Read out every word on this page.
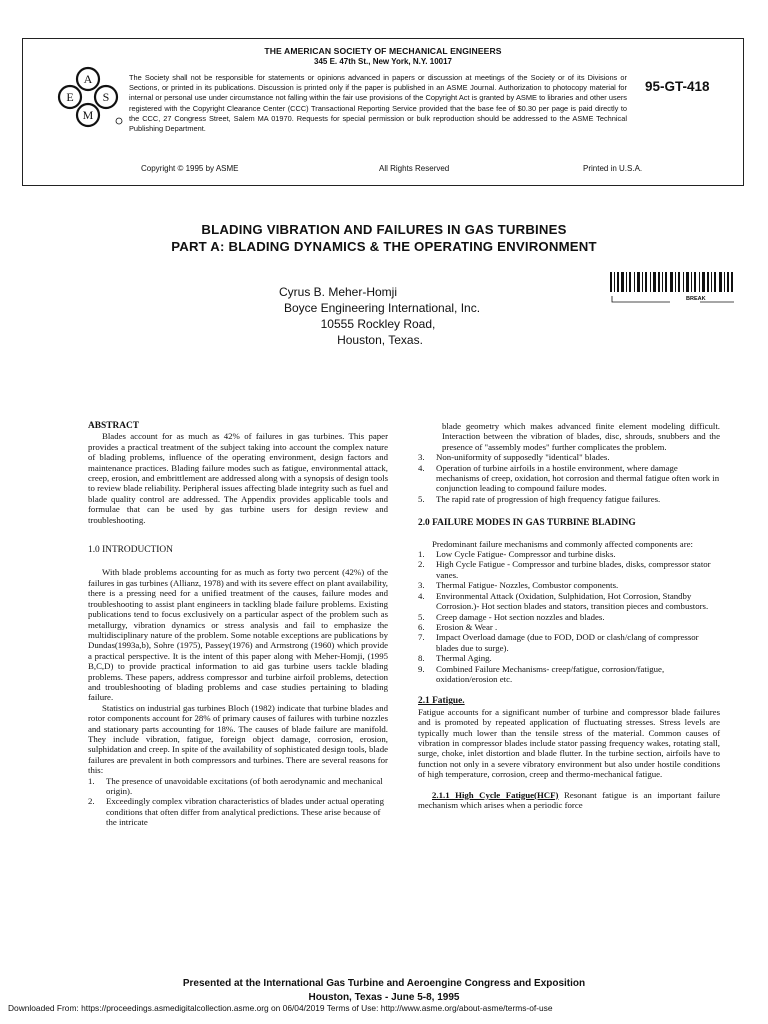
THE AMERICAN SOCIETY OF MECHANICAL ENGINEERS
345 E. 47th St., New York, N.Y. 10017
A
E S
M
The Society shall not be responsible for statements or opinions advanced in papers or discussion at meetings of the Society or of its Divisions or Sections, or printed in its publications. Discussion is printed only if the paper is published in an ASME Journal. Authorization to photocopy material for internal or personal use under circumstance not falling within the fair use provisions of the Copyright Act is granted by ASME to libraries and other users registered with the Copyright Clearance Center (CCC) Transactional Reporting Service provided that the base fee of $0.30 per page is paid directly to the CCC, 27 Congress Street, Salem MA 01970. Requests for special permission or bulk reproduction should be addressed to the ASME Technical Publishing Department.
95-GT-418
Copyright © 1995 by ASME	All Rights Reserved	Printed in U.S.A.
BLADING VIBRATION AND FAILURES IN GAS TURBINES
PART A: BLADING DYNAMICS & THE OPERATING ENVIRONMENT
Cyrus B. Meher-Homji
Boyce Engineering International, Inc.
10555 Rockley Road,
Houston, Texas.
BREAK
ABSTRACT

Blades account for as much as 42% of failures in gas turbines. This paper provides a practical treatment of the subject taking into account the complex nature of blading problems, influence of the operating environment, design factors and maintenance practices. Blading failure modes such as fatigue, environmental attack, creep, erosion, and embrittlement are addressed along with a synopsis of design tools to review blade reliability. Peripheral issues affecting blade integrity such as fuel and blade quality control are addressed. The Appendix provides applicable tools and formulae that can be used by gas turbine users for design review and troubleshooting.

1.0 INTRODUCTION

With blade problems accounting for as much as forty two percent (42%) of the failures in gas turbines (Allianz, 1978) and with its severe effect on plant availability, there is a pressing need for a unified treatment of the causes, failure modes and troubleshooting to assist plant engineers in tackling blade failure problems. Existing publications tend to focus exclusively on a particular aspect of the problem such as metallurgy, vibration dynamics or stress analysis and fail to emphasize the multidisciplinary nature of the problem. Some notable exceptions are publications by Dundas(1993a,b), Sohre (1975), Passey(1976) and Armstrong (1960) which provide a practical perspective. It is the intent of this paper along with Meher-Homji, (1995 B,C,D) to provide practical information to aid gas turbine users tackle blading problems. These papers, address compressor and turbine airfoil problems, detection and troubleshooting of blading problems and case studies pertaining to blading failure.

Statistics on industrial gas turbines Bloch (1982) indicate that turbine blades and rotor components account for 28% of primary causes of failures with turbine nozzles and stationary parts accounting for 18%. The causes of blade failure are manifold. They include vibration, fatigue, foreign object damage, corrosion, erosion, sulphidation and creep. In spite of the availability of sophisticated design tools, blade failures are prevalent in both compressors and turbines. There are several reasons for this:

1. The presence of unavoidable excitations (of both aerodynamic and mechanical origin).
2. Exceedingly complex vibration characteristics of blades under actual operating conditions that often differ from analytical predictions. These arise because of the intricate
blade geometry which makes advanced finite element modeling difficult. Interaction between the vibration of blades, disc, shrouds, snubbers and the presence of "assembly modes" further complicates the problem.
3. Non-uniformity of supposedly "identical" blades.
4. Operation of turbine airfoils in a hostile environment, where damage mechanisms of creep, oxidation, hot corrosion and thermal fatigue often work in conjunction leading to compound failure modes.
5. The rapid rate of progression of high frequency fatigue failures.
2.0 FAILURE MODES IN GAS TURBINE BLADING

Predominant failure mechanisms and commonly affected components are:

1. Low Cycle Fatigue- Compressor and turbine disks.
2. High Cycle Fatigue - Compressor and turbine blades, disks, compressor stator vanes.
3. Thermal Fatigue- Nozzles, Combustor components.
4. Environmental Attack (Oxidation, Sulphidation, Hot Corrosion, Standby Corrosion.)- Hot section blades and stators, transition pieces and combustors.
5. Creep damage - Hot section nozzles and blades.
6. Erosion & Wear .
7. Impact Overload damage (due to FOD, DOD or clash/clang of compressor blades due to surge).
8. Thermal Aging.
9. Combined Failure Mechanisms- creep/fatigue, corrosion/fatigue, oxidation/erosion etc.
2.1 Fatigue.

Fatigue accounts for a significant number of turbine and compressor blade failures and is promoted by repeated application of fluctuating stresses. Stress levels are typically much lower than the tensile stress of the material. Common causes of vibration in compressor blades include stator passing frequency wakes, rotating stall, surge, choke, inlet distortion and blade flutter. In the turbine section, airfoils have to function not only in a severe vibratory environment but also under hostile conditions of high temperature, corrosion, creep and thermo-mechanical fatigue.

2.1.1 High Cycle Fatigue(HCF) Resonant fatigue is an important failure mechanism which arises when a periodic force

Presented at the International Gas Turbine and Aeroengine Congress and Exposition
Houston, Texas - June 5-8, 1995
Downloaded From: https://proceedings.asmedigitalcollection.asme.org on 06/04/2019 Terms of Use: http://www.asme.org/about-asme/terms-of-use
